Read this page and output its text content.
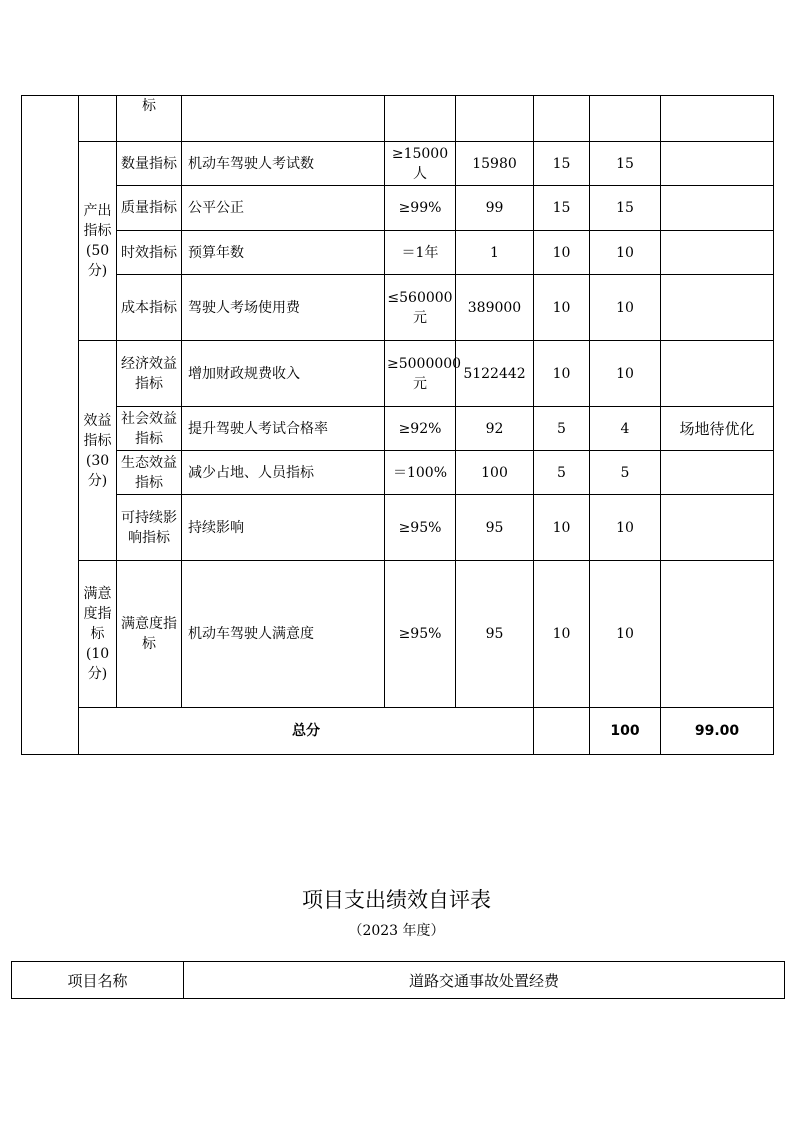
		标							
	产出指标(50分)	数量指标	机动车驾驶人考试数	≥15000人	15980	15	15		
		质量指标	公平公正	≥99%	99	15	15		
		时效指标	预算年数	＝1年	1	10	10		
		成本指标	驾驶人考场使用费	≤560000元	389000	10	10		
	效益指标(30分)	经济效益指标	增加财政规费收入	≥5000000元	5122442	10	10		
		社会效益指标	提升驾驶人考试合格率	≥92%	92	5	4	场地待优化	
		生态效益指标	减少占地、人员指标	＝100%	100	5	5		
		可持续影响指标	持续影响	≥95%	95	10	10		
	满意度指标(10分)	满意度指标	机动车驾驶人满意度	≥95%	95	10	10		
	总分						100	99.00	
项目支出绩效自评表
（2023 年度）
项目名称	道路交通事故处置经费
